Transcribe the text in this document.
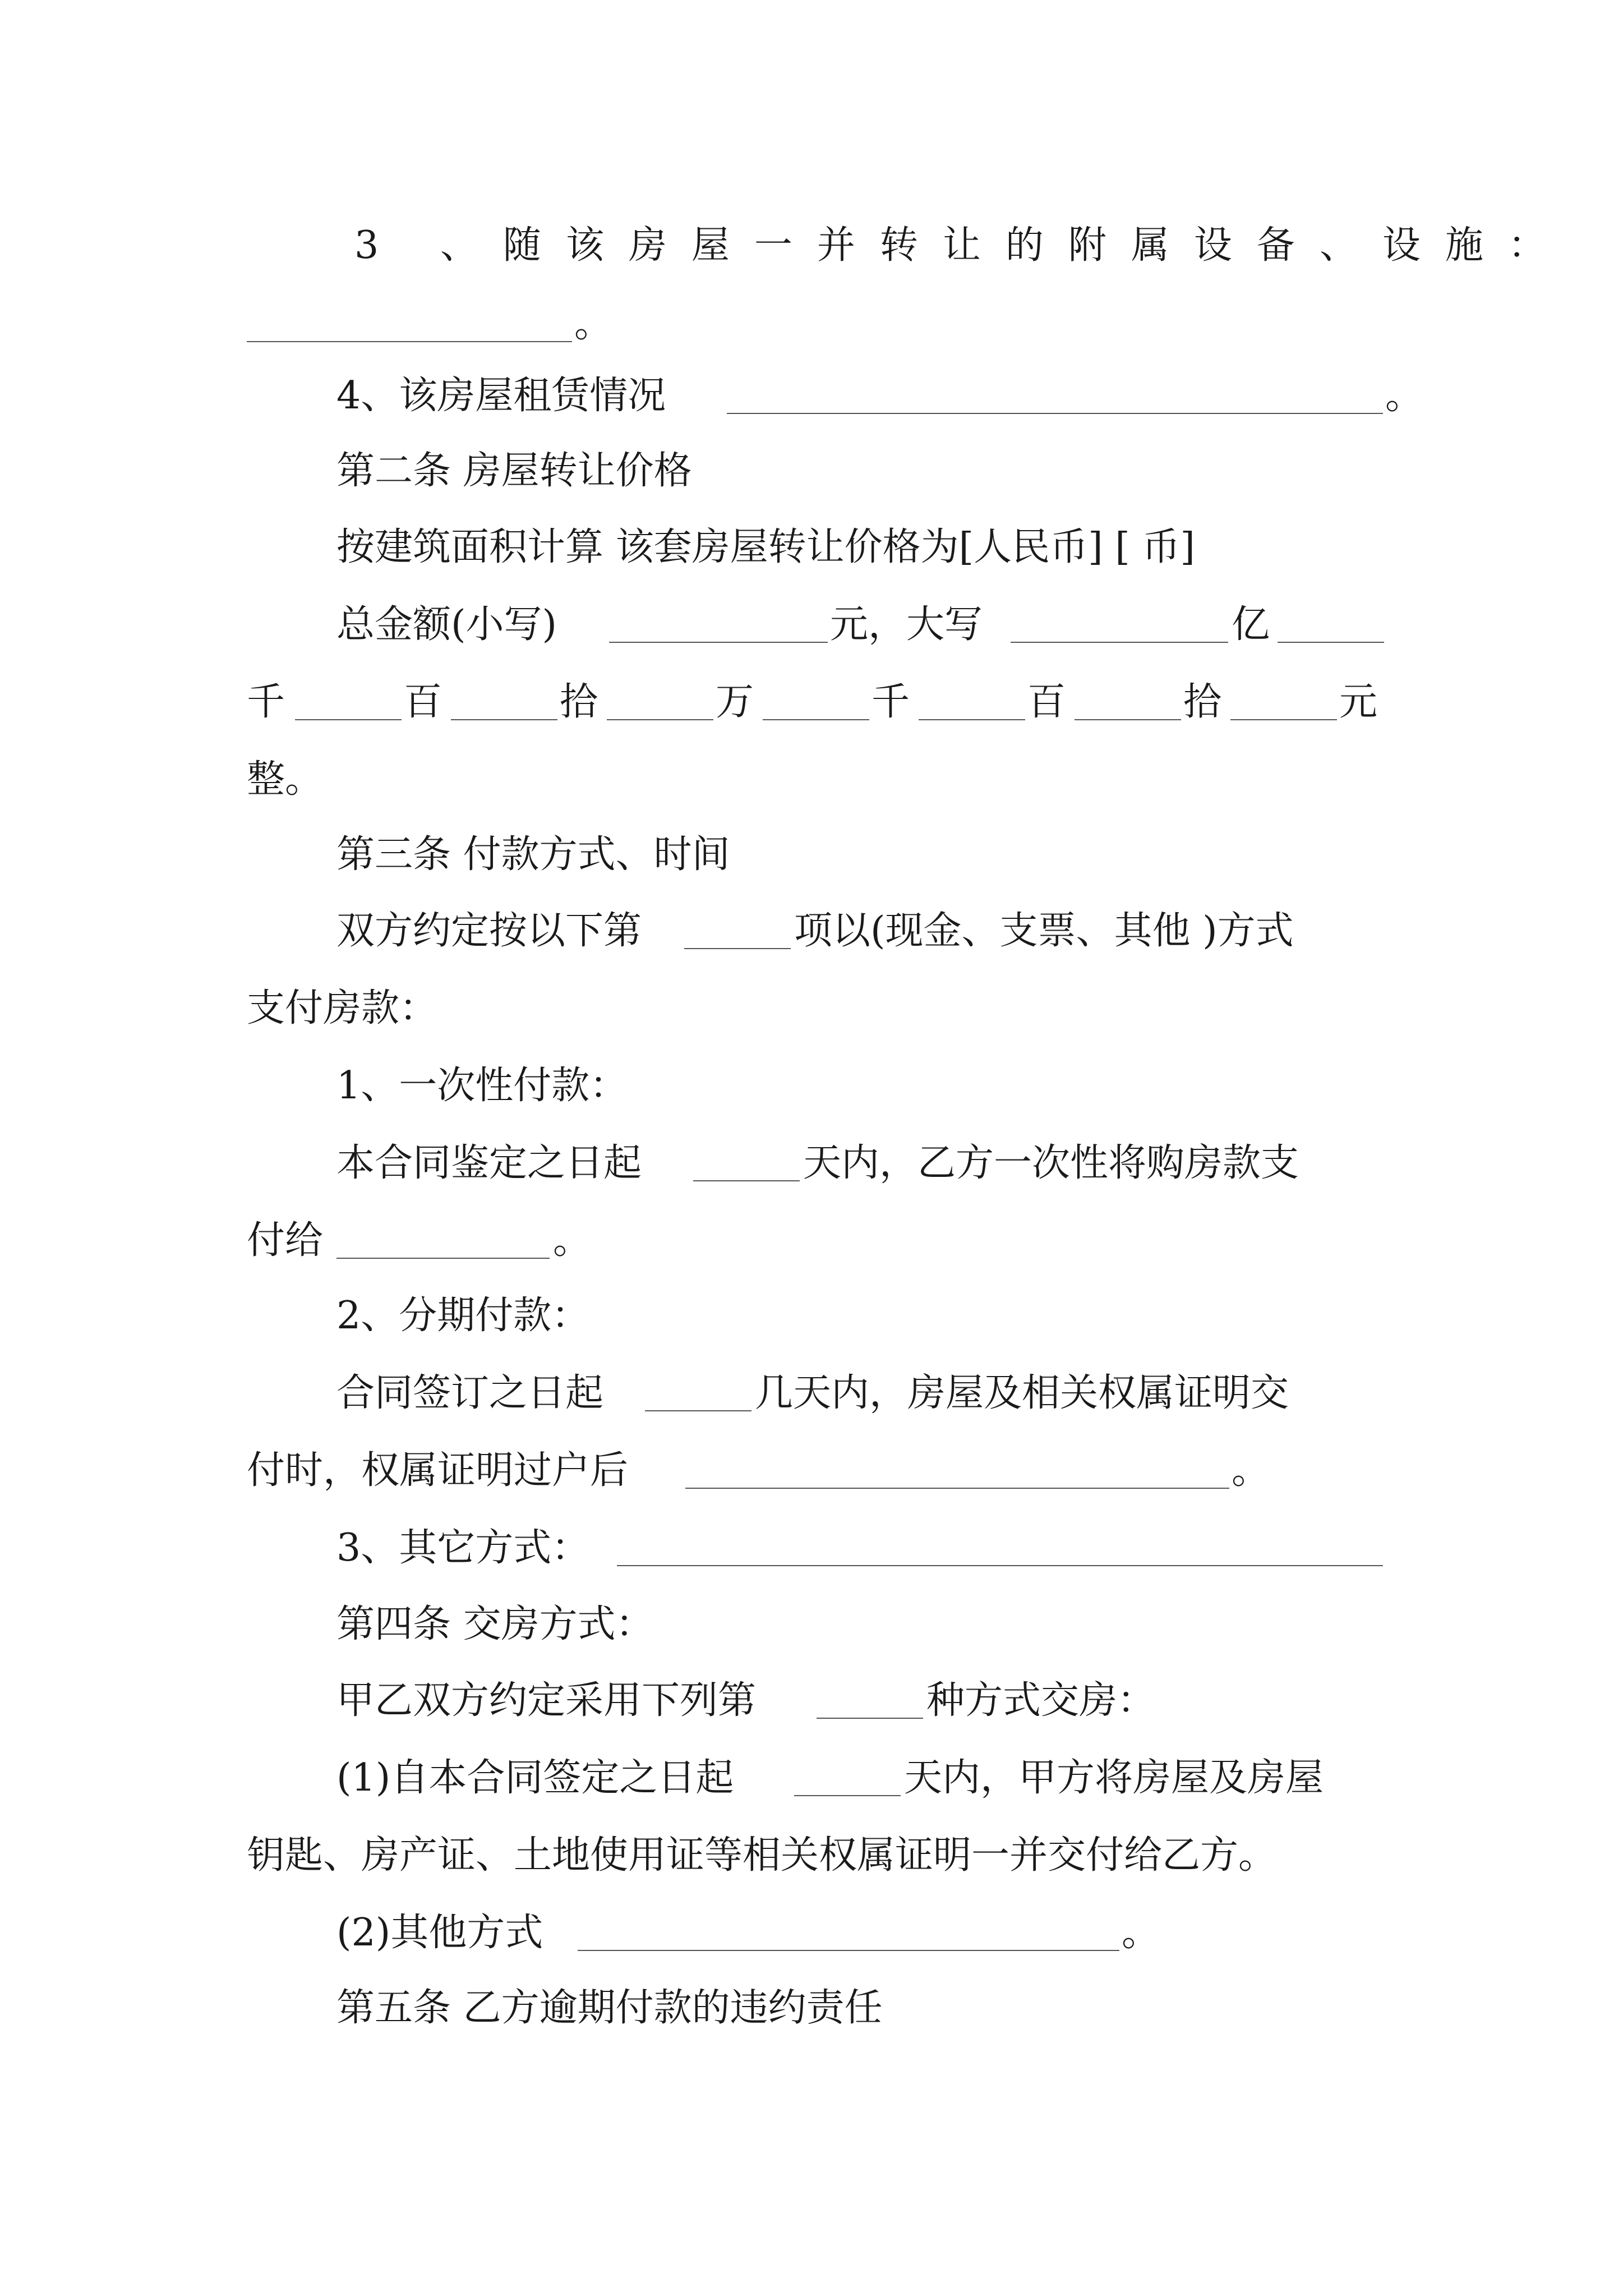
3 、随该房屋一并转让的附属设备、设施：
。
4、该房屋租赁情况	。
第二条 房屋转让价格
按建筑面积计算 该套房屋转让价格为[人民币] [ 币]
总金额(小写)	元，大写	亿
千	百	拾	万	千	百	拾	元
整。
第三条 付款方式、时间
双方约定按以下第	项以(现金、支票、其他 )方式
支付房款：
1、一次性付款：
本合同鉴定之日起	天内，乙方一次性将购房款支
付给	。
2、分期付款：
合同签订之日起	几天内，房屋及相关权属证明交
付时，权属证明过户后	。
3、其它方式：
第四条 交房方式：
甲乙双方约定采用下列第	种方式交房：
(1)自本合同签定之日起	天内，甲方将房屋及房屋
钥匙、房产证、土地使用证等相关权属证明一并交付给乙方。
(2)其他方式	。
第五条 乙方逾期付款的违约责任
